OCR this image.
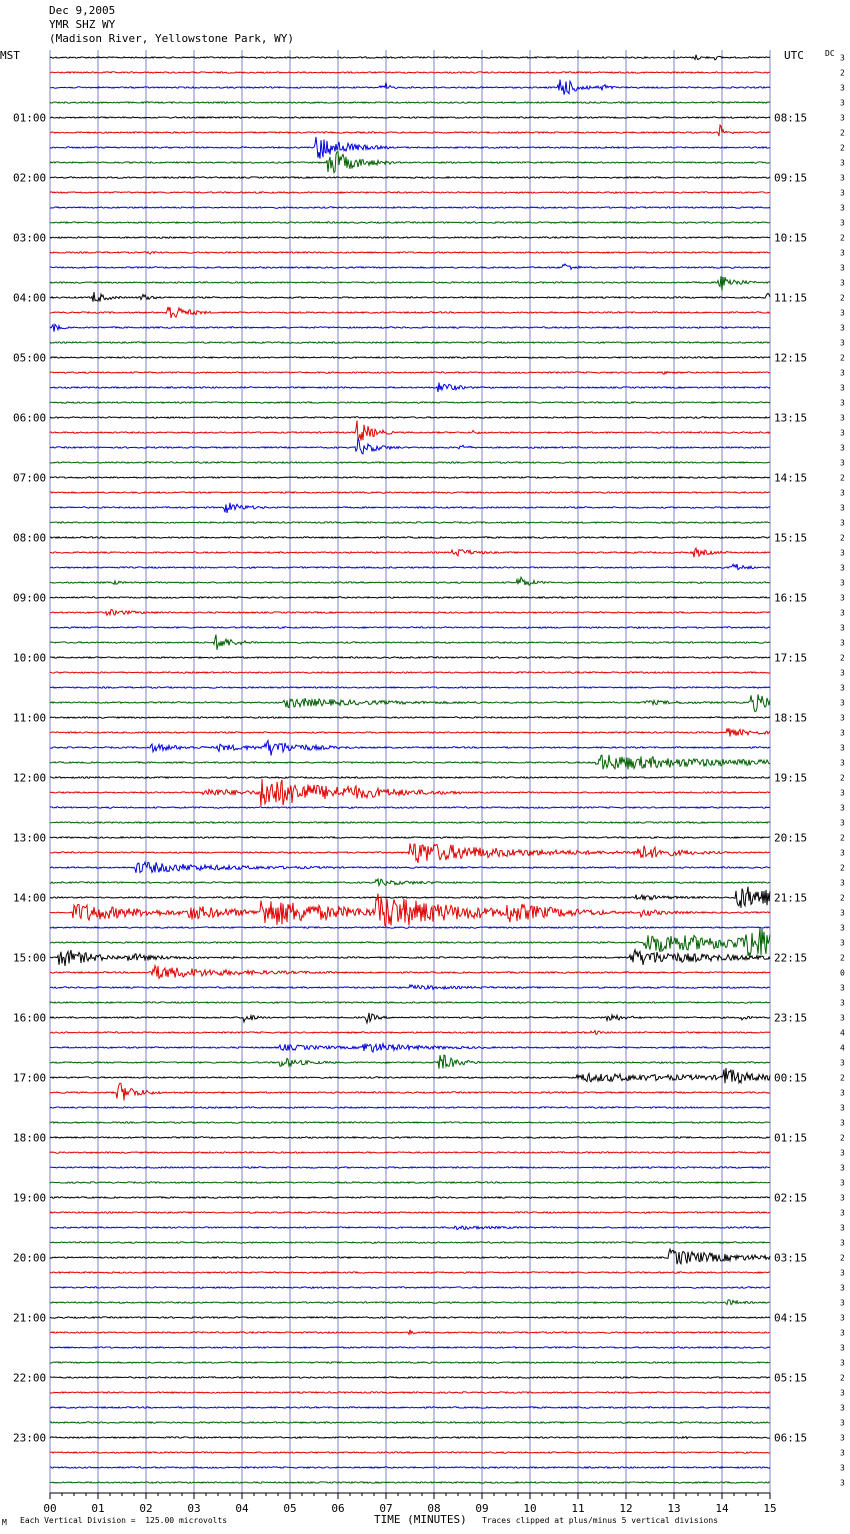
Dec 9,2005
YMR SHZ WY
(Madison River, Yellowstone Park, WY)
MST	UTC	DC
00	01	02	03	04	05	06	07	08	09	10	11	12	13	14	15
01:00
02:00
03:00
04:00
05:00
06:00
07:00
08:00
09:00
10:00
11:00
12:00
13:00
14:00
15:00
16:00
17:00
18:00
19:00
20:00
21:00
22:00
23:00
08:15
09:15
10:15
11:15
12:15
13:15
14:15
15:15
16:15
17:15
18:15
19:15
20:15
21:15
22:15
23:15
00:15
01:15
02:15
03:15
04:15
05:15
06:15
3
2
3
3
3
2
2
3
3
3
3
3
2
3
3
3
2
3
3
3
2
3
3
3
3
3
3
3
2
3
3
3
2
3
3
3
3
3
3
3
2
3
3
3
3
3
3
3
2
3
3
3
2
3
2
3
2
3
3
3
2
0
3
3
3
4
4
3
2
3
3
3
2
3
3
3
3
3
3
3
2
3
3
3
3
3
3
3
2
3
3
3
3
3
3
3
M Each Vertical Division =  125.00 microvolts	TIME (MINUTES) Traces clipped at plus/minus 5 vertical divisions
